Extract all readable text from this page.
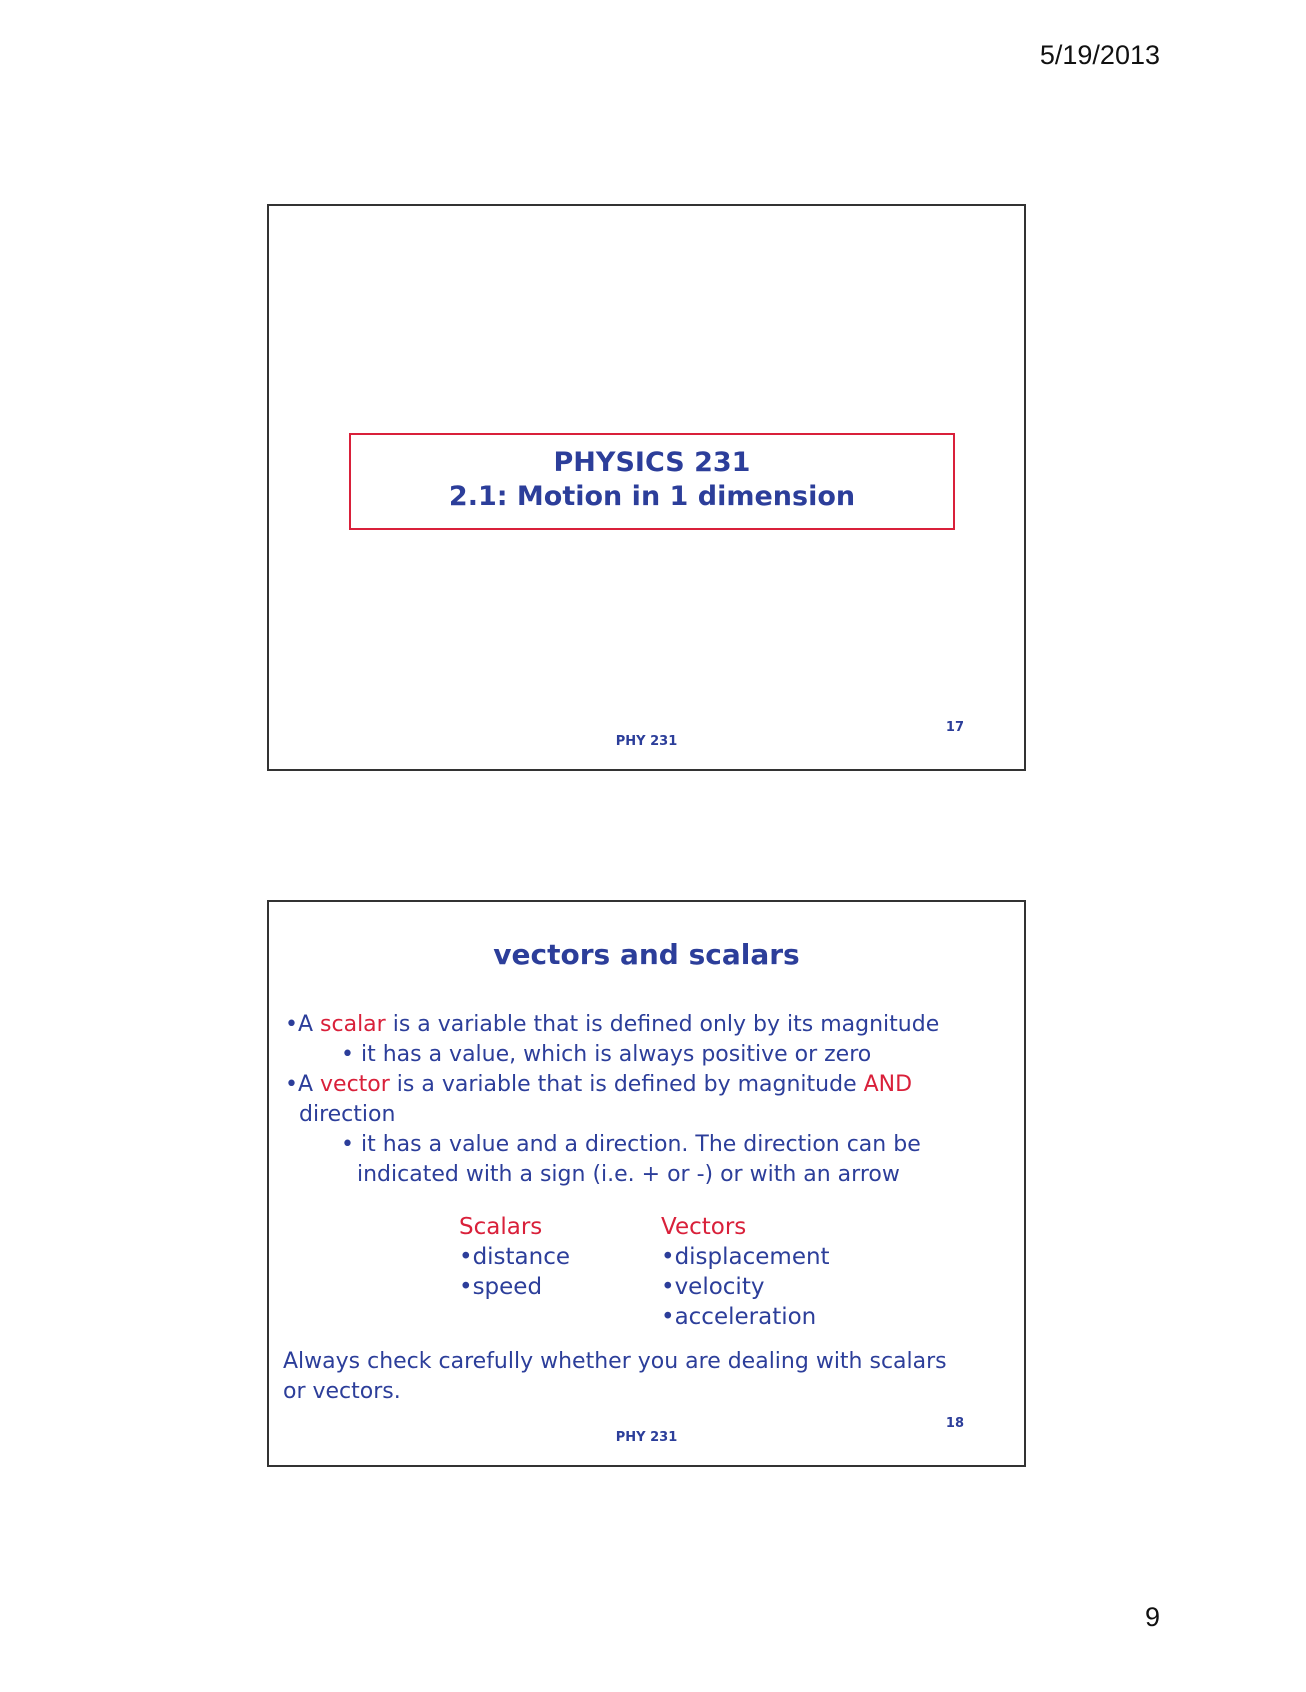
5/19/2013
PHYSICS 231
2.1: Motion in 1 dimension
17
PHY 231
vectors and scalars
•A scalar is a variable that is defined only by its magnitude
• it has a value, which is always positive or zero
•A vector is a variable that is defined by magnitude AND
direction
• it has a value and a direction. The direction can be
indicated with a sign (i.e. + or -) or with an arrow
Scalars
•distance
•speed
Vectors
•displacement
•velocity
•acceleration
Always check carefully whether you are dealing with scalars
or vectors.
18
PHY 231
9
